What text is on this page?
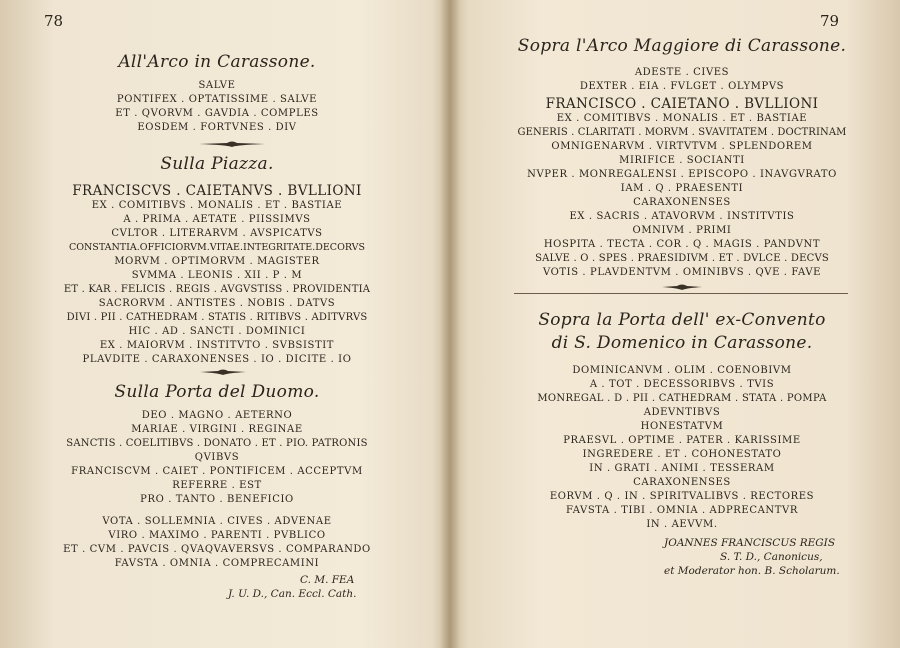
78
All'Arco in Carassone.
SALVE
PONTIFEX . OPTATISSIME . SALVE
ET . QVORVM . GAVDIA . COMPLES
EOSDEM . FORTVNES . DIV
Sulla Piazza.
FRANCISCVS . CAIETANVS . BVLLIONI
EX . COMITIBVS . MONALIS . ET . BASTIAE
A . PRIMA . AETATE . PIISSIMVS
CVLTOR . LITERARVM . AVSPICATVS
CONSTANTIA.OFFICIORVM.VITAE.INTEGRITATE.DECORVS
MORVM . OPTIMORVM . MAGISTER
SVMMA . LEONIS . XII . P . M
ET . KAR . FELICIS . REGIS . AVGVSTISS . PROVIDENTIA
SACRORVM . ANTISTES . NOBIS . DATVS
DIVI . PII . CATHEDRAM . STATIS . RITIBVS . ADITVRVS
HIC . AD . SANCTI . DOMINICI
EX . MAIORVM . INSTITVTO . SVBSISTIT
PLAVDITE . CARAXONENSES . IO . DICITE . IO
Sulla Porta del Duomo.
DEO . MAGNO . AETERNO
MARIAE . VIRGINI . REGINAE
SANCTIS . COELITIBVS . DONATO . ET . PIO. PATRONIS
QVIBVS
FRANCISCVM . CAIET . PONTIFICEM . ACCEPTVM
REFERRE . EST
PRO . TANTO . BENEFICIO
VOTA . SOLLEMNIA . CIVES . ADVENAE
VIRO . MAXIMO . PARENTI . PVBLICO
ET . CVM . PAVCIS . QVAQVAVERSVS . COMPARANDO
FAVSTA . OMNIA . COMPRECAMINI
C. M. FEA
J. U. D., Can. Eccl. Cath.
79
Sopra l'Arco Maggiore di Carassone.
ADESTE . CIVES
DEXTER . EIA . FVLGET . OLYMPVS
FRANCISCO . CAIETANO . BVLLIONI
EX . COMITIBVS . MONALIS . ET . BASTIAE
GENERIS . CLARITATI . MORVM . SVAVITATEM . DOCTRINAM
OMNIGENARVM . VIRTVTVM . SPLENDOREM
MIRIFICE . SOCIANTI
NVPER . MONREGALENSI . EPISCOPO . INAVGVRATO
IAM . Q . PRAESENTI
CARAXONENSES
EX . SACRIS . ATAVORVM . INSTITVTIS
OMNIVM . PRIMI
HOSPITA . TECTA . COR . Q . MAGIS . PANDVNT
SALVE . O . SPES . PRAESIDIVM . ET . DVLCE . DECVS
VOTIS . PLAVDENTVM . OMINIBVS . QVE . FAVE
Sopra la Porta dell' ex-Convento
di S. Domenico in Carassone.
DOMINICANVM . OLIM . COENOBIVM
A . TOT . DECESSORIBVS . TVIS
MONREGAL . D . PII . CATHEDRAM . STATA . POMPA
ADEVNTIBVS
HONESTATVM
PRAESVL . OPTIME . PATER . KARISSIME
INGREDERE . ET . COHONESTATO
IN . GRATI . ANIMI . TESSERAM
CARAXONENSES
EORVM . Q . IN . SPIRITVALIBVS . RECTORES
FAVSTA . TIBI . OMNIA . ADPRECANTVR
IN . AEVVM.
JOANNES FRANCISCUS REGIS
S. T. D., Canonicus,
et Moderator hon. B. Scholarum.
